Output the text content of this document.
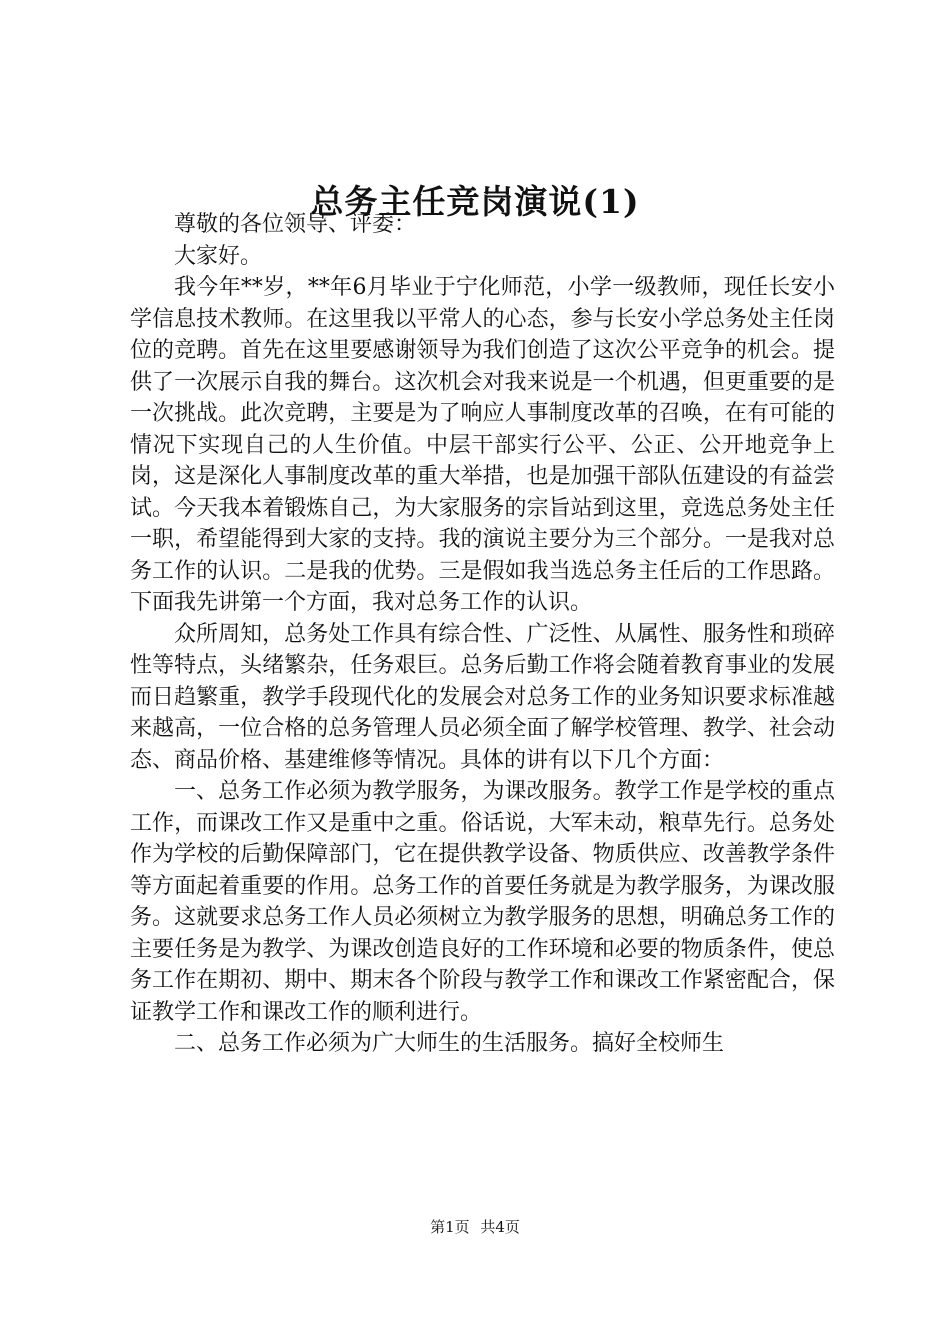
总务主任竞岗演说(1)

尊敬的各位领导、评委：

大家好。

我今年**岁，**年6月毕业于宁化师范，小学一级教师，现任长安小学信息技术教师。在这里我以平常人的心态，参与长安小学总务处主任岗位的竞聘。首先在这里要感谢领导为我们创造了这次公平竞争的机会。提供了一次展示自我的舞台。这次机会对我来说是一个机遇，但更重要的是一次挑战。此次竞聘，主要是为了响应人事制度改革的召唤，在有可能的情况下实现自己的人生价值。中层干部实行公平、公正、公开地竞争上岗，这是深化人事制度改革的重大举措，也是加强干部队伍建设的有益尝试。今天我本着锻炼自己，为大家服务的宗旨站到这里，竞选总务处主任一职，希望能得到大家的支持。我的演说主要分为三个部分。一是我对总务工作的认识。二是我的优势。三是假如我当选总务主任后的工作思路。下面我先讲第一个方面，我对总务工作的认识。

众所周知，总务处工作具有综合性、广泛性、从属性、服务性和琐碎性等特点，头绪繁杂，任务艰巨。总务后勤工作将会随着教育事业的发展而日趋繁重，教学手段现代化的发展会对总务工作的业务知识要求标准越来越高，一位合格的总务管理人员必须全面了解学校管理、教学、社会动态、商品价格、基建维修等情况。具体的讲有以下几个方面：

一、总务工作必须为教学服务，为课改服务。教学工作是学校的重点工作，而课改工作又是重中之重。俗话说，大军未动，粮草先行。总务处作为学校的后勤保障部门，它在提供教学设备、物质供应、改善教学条件等方面起着重要的作用。总务工作的首要任务就是为教学服务，为课改服务。这就要求总务工作人员必须树立为教学服务的思想，明确总务工作的主要任务是为教学、为课改创造良好的工作环境和必要的物质条件，使总务工作在期初、期中、期末各个阶段与教学工作和课改工作紧密配合，保证教学工作和课改工作的顺利进行。

二、总务工作必须为广大师生的生活服务。搞好全校师生

第1页 共4页
